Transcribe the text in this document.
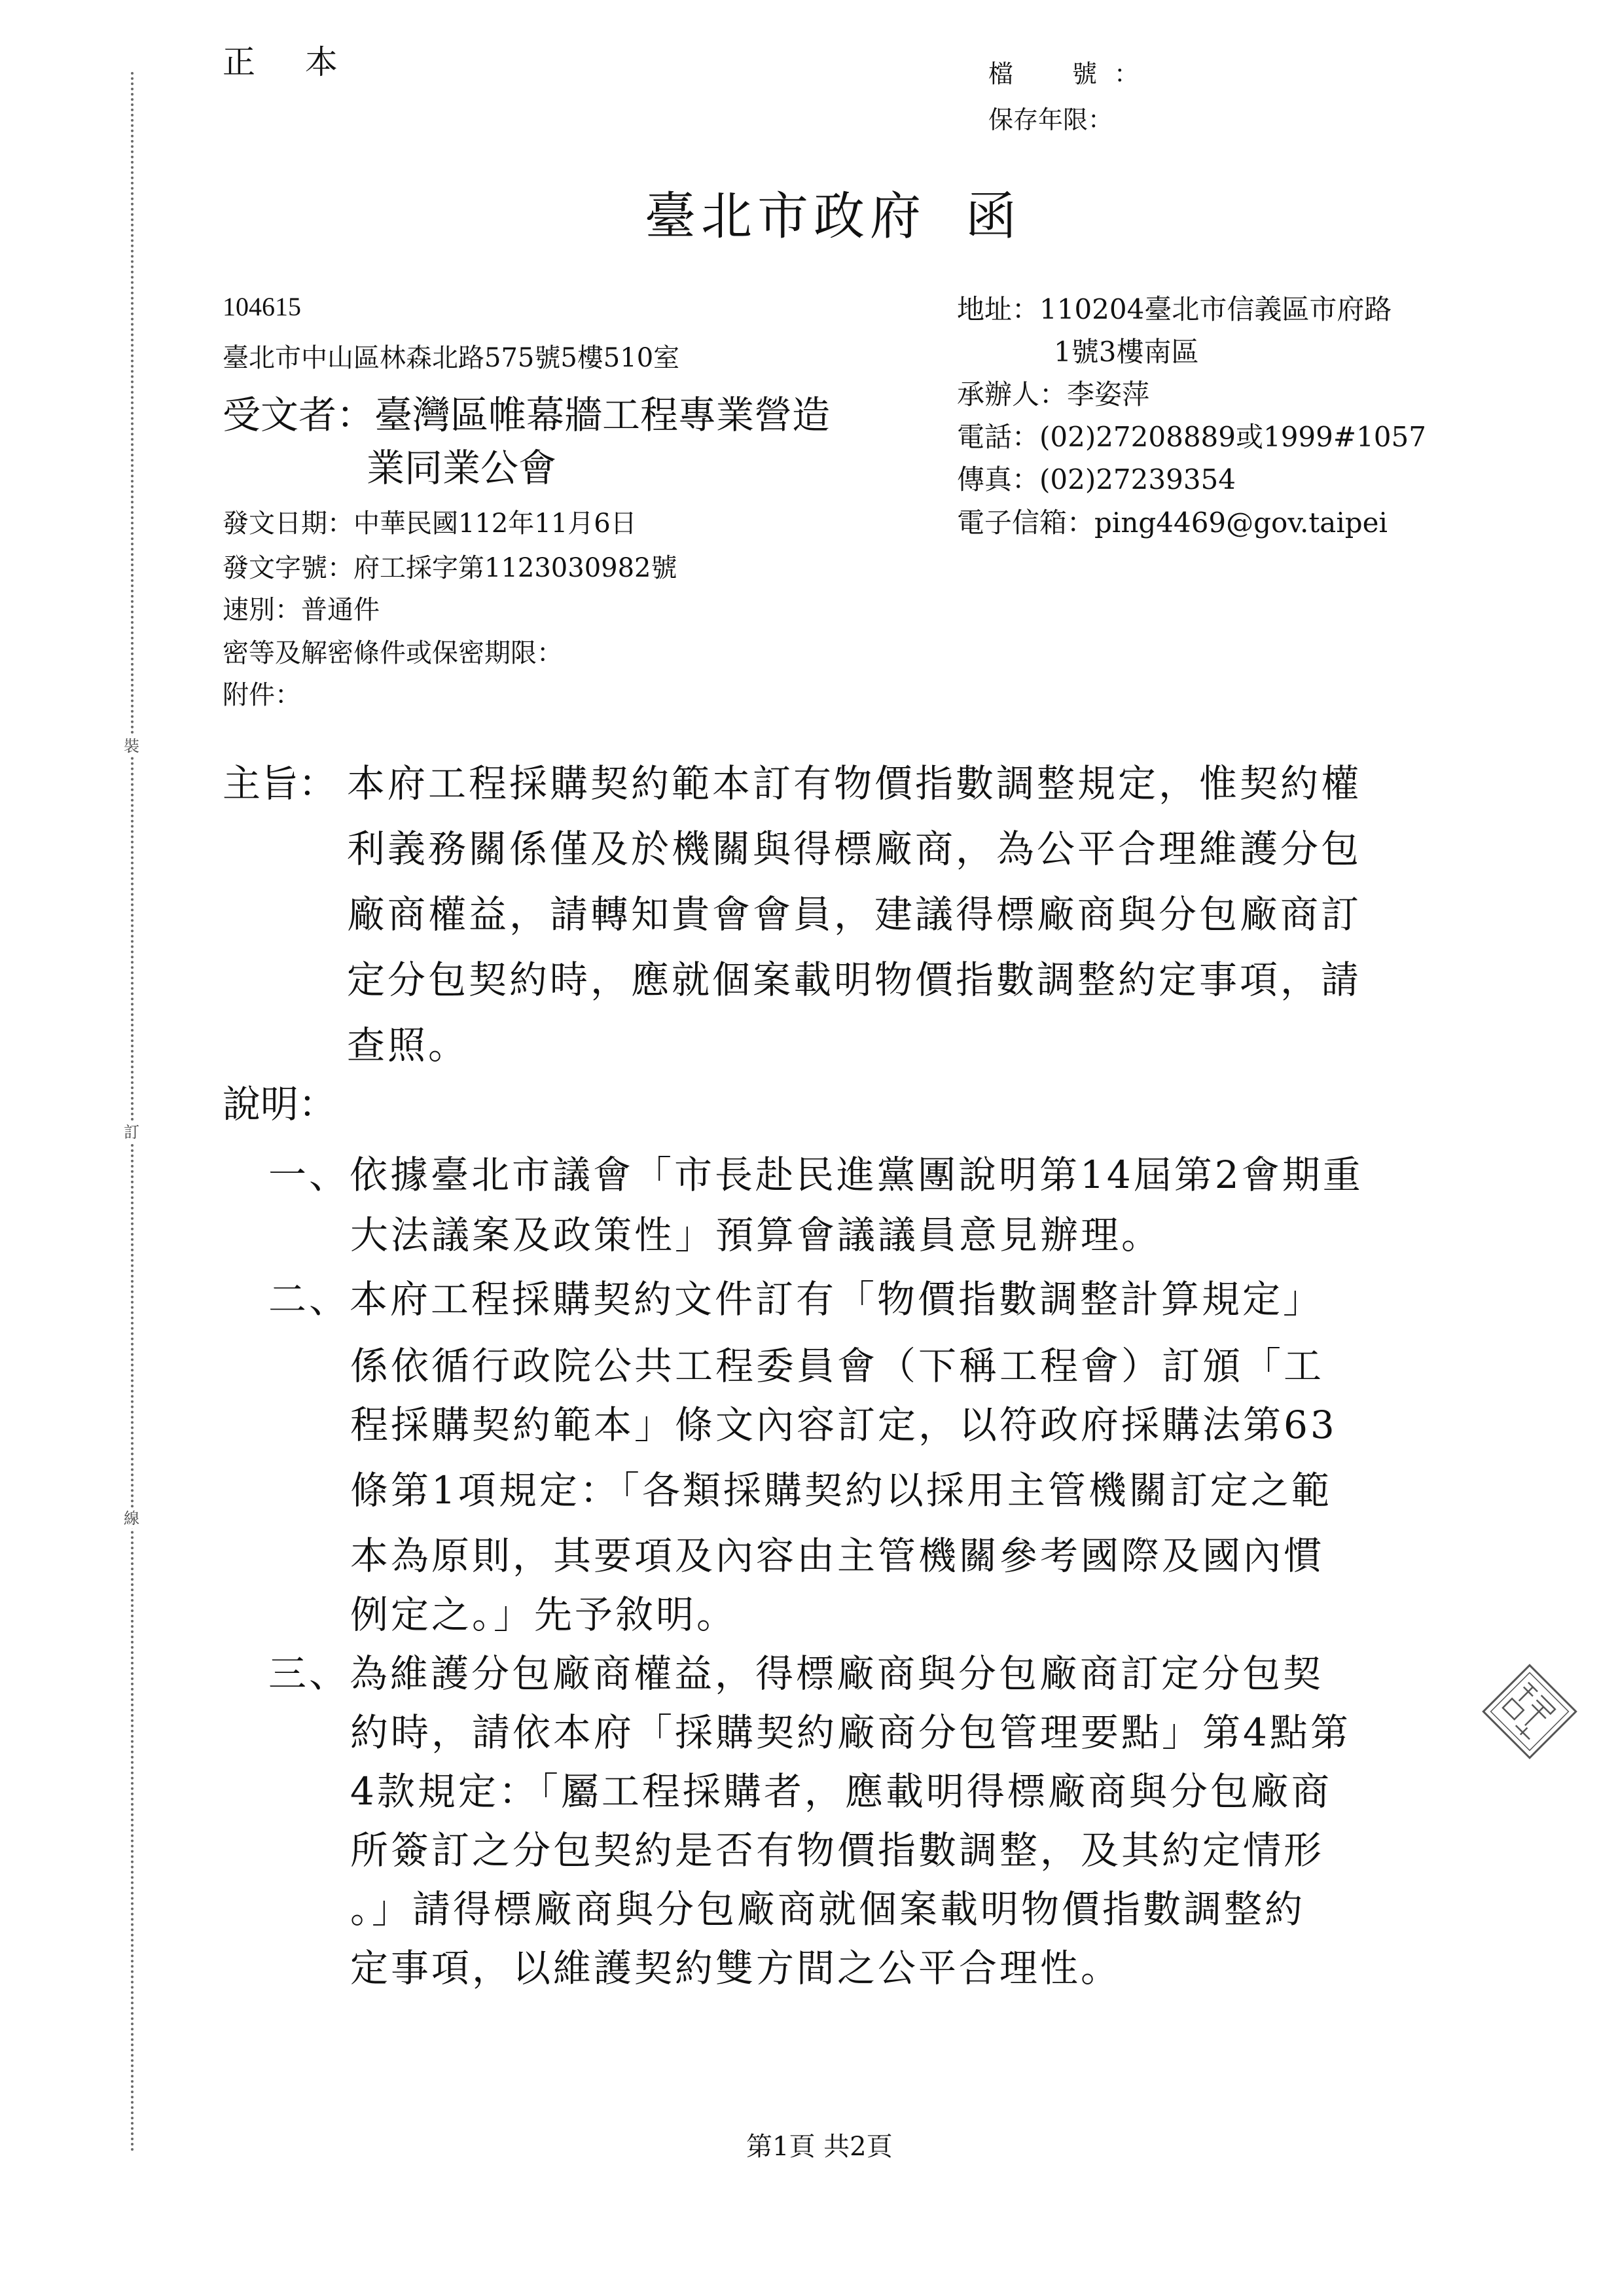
裝
訂
線
正 本	檔　號：
保存年限：
臺北市政府 函
104615
臺北市中山區林森北路575號5樓510室
受文者：臺灣區帷幕牆工程專業營造
業同業公會
地址：110204臺北市信義區市府路
1號3樓南區
承辦人：李姿萍
電話：(02)27208889或1999#1057
傳真：(02)27239354
電子信箱：ping4469@gov.taipei
發文日期：中華民國112年11月6日
發文字號：府工採字第1123030982號
速別：普通件
密等及解密條件或保密期限：
附件：
主旨： 本府工程採購契約範本訂有物價指數調整規定，惟契約權
利義務關係僅及於機關與得標廠商，為公平合理維護分包
廠商權益，請轉知貴會會員，建議得標廠商與分包廠商訂
定分包契約時，應就個案載明物價指數調整約定事項，請
查照。
說明：
一、依據臺北市議會「市長赴民進黨團說明第14屆第2會期重
大法議案及政策性」預算會議議員意見辦理。
二、本府工程採購契約文件訂有「物價指數調整計算規定」
係依循行政院公共工程委員會（下稱工程會）訂頒「工
程採購契約範本」條文內容訂定，以符政府採購法第63
條第1項規定：「各類採購契約以採用主管機關訂定之範
本為原則，其要項及內容由主管機關參考國際及國內慣
例定之。」先予敘明。
三、為維護分包廠商權益，得標廠商與分包廠商訂定分包契
約時，請依本府「採購契約廠商分包管理要點」第4點第
4款規定：「屬工程採購者，應載明得標廠商與分包廠商
所簽訂之分包契約是否有物價指數調整，及其約定情形
。」請得標廠商與分包廠商就個案載明物價指數調整約
定事項，以維護契約雙方間之公平合理性。
第1頁 共2頁
